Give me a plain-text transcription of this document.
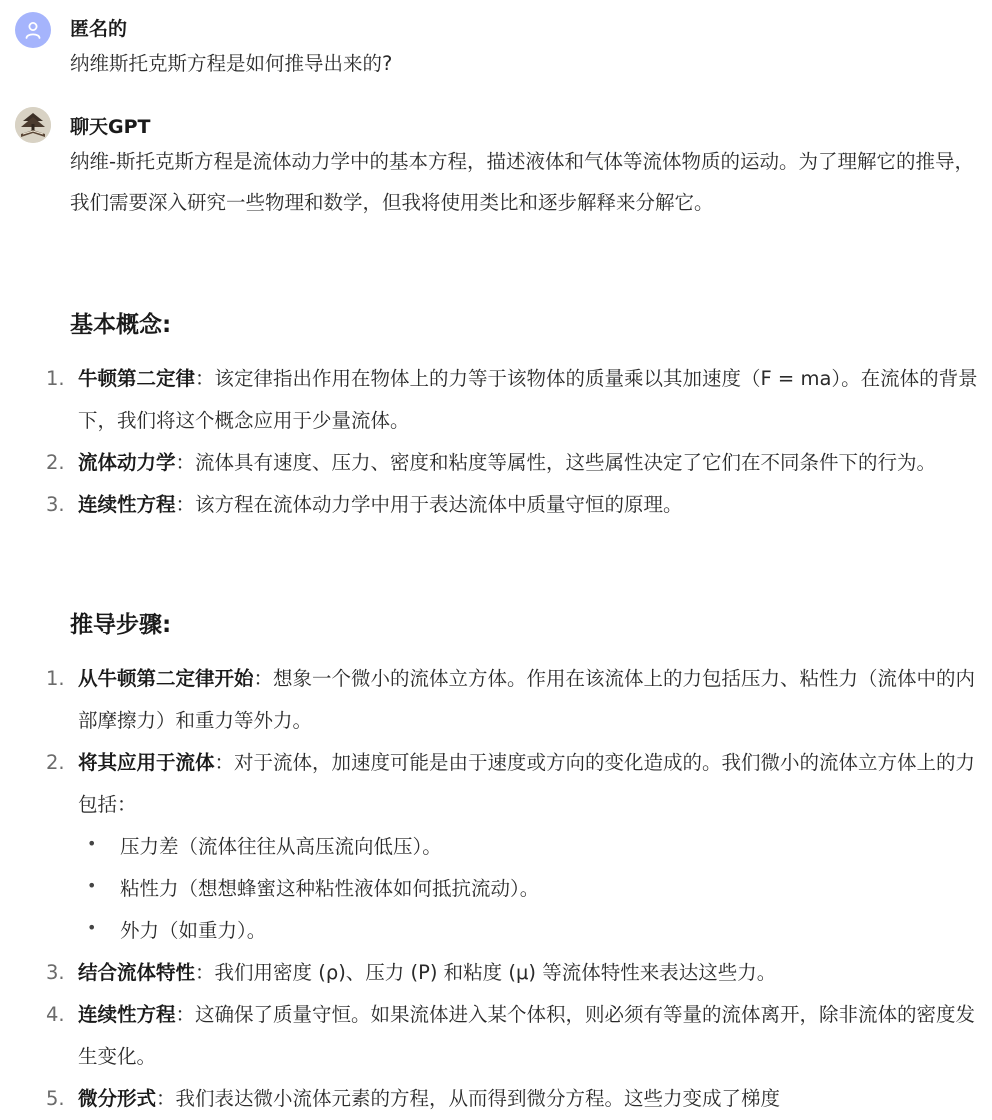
匿名的
纳维斯托克斯方程是如何推导出来的?
聊天GPT
纳维-斯托克斯方程是流体动力学中的基本方程，描述液体和气体等流体物质的运动。为了理解它的推导，我们需要深入研究一些物理和数学，但我将使用类比和逐步解释来分解它。
基本概念:
1. 牛顿第二定律：该定律指出作用在物体上的力等于该物体的质量乘以其加速度（F = ma）。在流体的背景下，我们将这个概念应用于少量流体。
2. 流体动力学：流体具有速度、压力、密度和粘度等属性，这些属性决定了它们在不同条件下的行为。
3. 连续性方程：该方程在流体动力学中用于表达流体中质量守恒的原理。
推导步骤:
1. 从牛顿第二定律开始：想象一个微小的流体立方体。作用在该流体上的力包括压力、粘性力（流体中的内部摩擦力）和重力等外力。
2. 将其应用于流体：对于流体，加速度可能是由于速度或方向的变化造成的。我们微小的流体立方体上的力包括：
• 压力差（流体往往从高压流向低压）。
• 粘性力（想想蜂蜜这种粘性液体如何抵抗流动）。
• 外力（如重力）。
3. 结合流体特性：我们用密度 (ρ)、压力 (P) 和粘度 (μ) 等流体特性来表达这些力。
4. 连续性方程：这确保了质量守恒。如果流体进入某个体积，则必须有等量的流体离开，除非流体的密度发生变化。
5. 微分形式：我们表达微小流体元素的方程，从而得到微分方程。这些力变成了梯度
